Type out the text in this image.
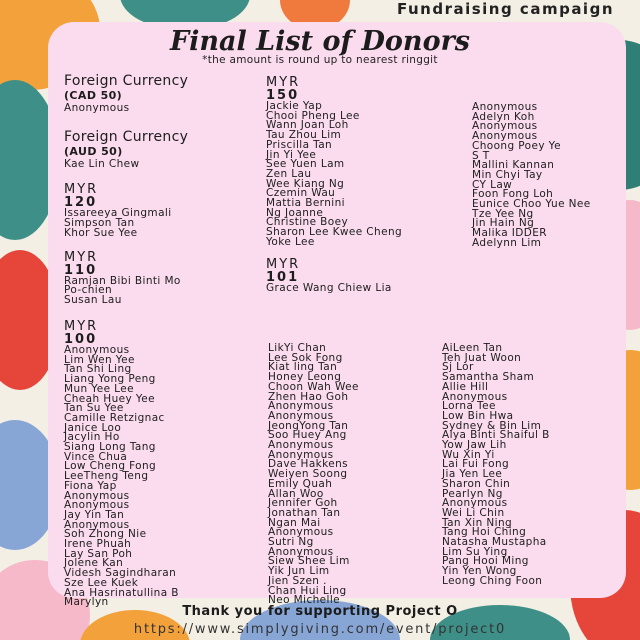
Fundraising campaign
Final List of Donors
*the amount is round up to nearest ringgit
Foreign Currency
(CAD 50)
Anonymous
Foreign Currency
(AUD 50)
Kae Lin Chew
MYR
120
Issareeya Gingmali
Simpson Tan
Khor Sue Yee
MYR
110
Ramjan Bibi Binti Mo
Po-chien
Susan Lau
MYR
100
Anonymous
Lim Wen Yee
Tan Shi Ling
Liang Yong Peng
Mun Yee Lee
Cheah Huey Yee
Tan Su Yee
Camille Retzignac
Janice Loo
Jacylin Ho
Siang Long Tang
Vince Chua
Low Cheng Fong
LeeTheng Teng
Fiona Yap
Anonymous
Anonymous
Jay Yin Tan
Anonymous
Soh Zhong Nie
Irene Phuah
Lay San Poh
Jolene Kan
Videsh Sagindharan
Sze Lee Kuek
Ana Hasrinatullina B
Marylyn
MYR
150
Jackie Yap
Chooi Pheng Lee
Wann Joan Loh
Tau Zhou Lim
Priscilla Tan
Jin Yi Yee
See Yuen Lam
Zen Lau
Wee Kiang Ng
Czemin Wau
Mattia Bernini
Ng Joanne
Christine Boey
Sharon Lee Kwee Cheng
Yoke Lee
MYR
101
Grace Wang Chiew Lia
LikYi Chan
Lee Sok Fong
Kiat ling Tan
Honey Leong
Choon Wah Wee
Zhen Hao Goh
Anonymous
Anonymous
JeongYong Tan
Soo Huey Ang
Anonymous
Anonymous
Dave Hakkens
Weiyen Soong
Emily Quah
Allan Woo
Jennifer Goh
Jonathan Tan
Ngan Mai
Anonymous
Sutri Ng
Anonymous
Siew Shee Lim
Yik Jun Lim
Jien Szen .
Chan Hui Ling
Neo Michelle
Anonymous
Adelyn Koh
Anonymous
Anonymous
Choong Poey Ye
S T
Mallini Kannan
Min Chyi Tay
CY Law
Foon Fong Loh
Eunice Choo Yue Nee
Tze Yee Ng
Jin Hain Ng
Malika IDDER
Adelynn Lim
AiLeen Tan
Teh Juat Woon
Sj Lor
Samantha Sham
Allie Hill
Anonymous
Lorna Tee
Low Bin Hwa
Sydney & Bin Lim
Alya Binti Shaiful B
Yow Jaw Lih
Wu Xin Yi
Lai Fui Fong
Jia Yen Lee
Sharon Chin
Pearlyn Ng
Anonymous
Wei Li Chin
Tan Xin Ning
Tang Hoi Ching
Natasha Mustapha
Lim Su Ying
Pang Hooi Ming
Yin Yen Wong
Leong Ching Foon
Thank you for supporting Project O
https://www.simplygiving.com/event/project0
